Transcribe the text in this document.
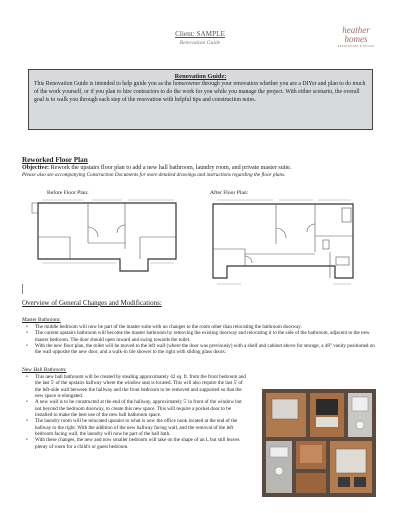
Client: SAMPLE
Renovation Guide
heather homes
RENOVATIONS & DESIGN
Renovation Guide:
This Renovation Guide is intended to help guide you as the homeowner through your renovation whether you are a DIYer and plan to do much of the work yourself, or if you plan to hire contractors to do the work for you while you manage the project. With either scenario, the overall goal is to walk you through each step of the renovation with helpful tips and construction notes.
Reworked Floor Plan
Objective: Rework the upstairs floor plan to add a new hall bathroom, laundry room, and private master suite.
Please also see accompanying Construction Documents for more detailed drawings and instructions regarding the floor plans.
Before Floor Plan:	After Floor Plan:
Overview of General Changes and Modifications:
Master Bathroom:
• The middle bedroom will now be part of the master suite with no changes to the room other than relocating the bathroom doorway.
• The current upstairs bathroom will become the master bathroom by removing the existing doorway and relocating it to the side of the bathroom, adjacent to the new master bedroom. The door should open inward and swing towards the toilet.
• With the new floor plan, the toilet will be moved to the left wall (where the door was previously) with a shelf and cabinet above for storage, a 48" vanity positioned on the wall opposite the new door, and a walk-in tile shower to the right with sliding glass doors.
New Hall Bathroom:
• This new hall bathroom will be created by stealing approximately 42 sq. ft. from the front bedroom and the last 5' of the upstairs hallway where the window seat is located. This will also require the last 5' of the left-side wall between the hallway and the front bedroom to be removed and supported so that the new space is elongated.
• A new wall is to be constructed at the end of the hallway, approximately 5' in front of the window but not beyond the bedroom doorway, to create this new space. This will require a pocket door to be installed to make the best use of the new hall bathroom space.
• The laundry room will be relocated upstairs to what is now the office nook located at the end of the hallway to the right. With the addition of the new hallway facing wall, and the removal of the left bedroom facing wall, the laundry will now be part of the hall bath.
• With these changes, the new and now smaller bedroom will take on the shape of an L but still leaves plenty of room for a child's or guest bedroom.
